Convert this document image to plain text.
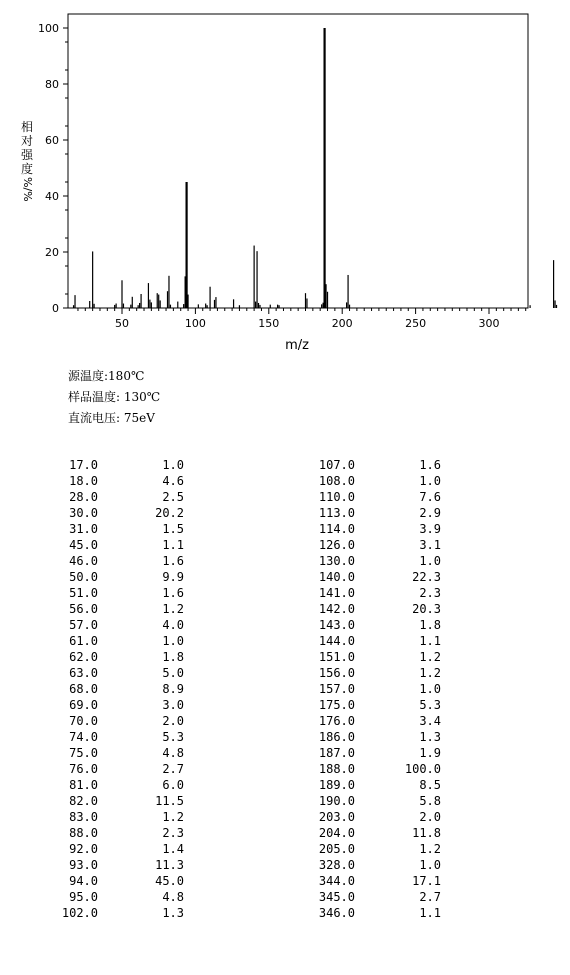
0
20
40
60
80
100
50	100	150	200	250	300
m/z
相
对
强
度
%/%
源温度:180℃
样品温度: 130℃
直流电压: 75eV
17.0	1.0
18.0	4.6
28.0	2.5
30.0	20.2
31.0	1.5
45.0	1.1
46.0	1.6
50.0	9.9
51.0	1.6
56.0	1.2
57.0	4.0
61.0	1.0
62.0	1.8
63.0	5.0
68.0	8.9
69.0	3.0
70.0	2.0
74.0	5.3
75.0	4.8
76.0	2.7
81.0	6.0
82.0	11.5
83.0	1.2
88.0	2.3
92.0	1.4
93.0	11.3
94.0	45.0
95.0	4.8
102.0	1.3
107.0	1.6
108.0	1.0
110.0	7.6
113.0	2.9
114.0	3.9
126.0	3.1
130.0	1.0
140.0	22.3
141.0	2.3
142.0	20.3
143.0	1.8
144.0	1.1
151.0	1.2
156.0	1.2
157.0	1.0
175.0	5.3
176.0	3.4
186.0	1.3
187.0	1.9
188.0	100.0
189.0	8.5
190.0	5.8
203.0	2.0
204.0	11.8
205.0	1.2
328.0	1.0
344.0	17.1
345.0	2.7
346.0	1.1
